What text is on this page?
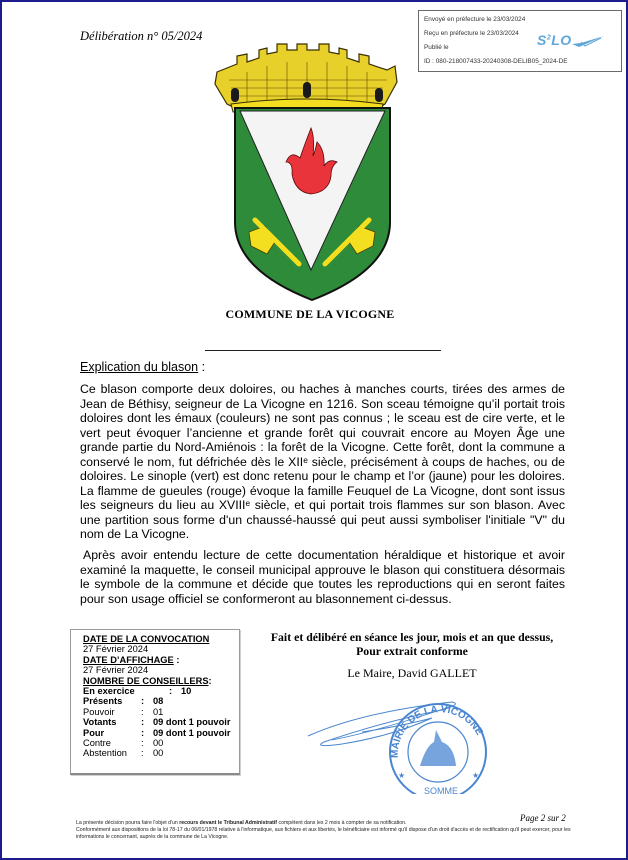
Délibération n° 05/2024
Envoyé en préfecture le 23/03/2024
Reçu en préfecture le 23/03/2024
Publié le
ID : 080-218007433-20240308-DELIB05_2024-DE
$S^2LO$
COMMUNE DE LA VICOGNE
Explication du blason :
Ce blason comporte deux doloires, ou haches à manches courts, tirées des armes de Jean de Béthisy, seigneur de La Vicogne en 1216. Son sceau témoigne qu’il portait trois doloires dont les émaux (couleurs) ne sont pas connus ; le sceau est de cire verte, et le vert peut évoquer l’ancienne et grande forêt qui couvrait encore au Moyen Âge une grande partie du Nord-Amiénois : la forêt de la Vicogne. Cette forêt, dont la commune a conservé le nom, fut défrichée dès le XIIᵉ siècle, précisément à coups de haches, ou de doloires. Le sinople (vert) est donc retenu pour le champ et l’or (jaune) pour les doloires. La flamme de gueules (rouge) évoque la famille Feuquel de La Vicogne, dont sont issus les seigneurs du lieu au XVIIIᵉ siècle, et qui portait trois flammes sur son blason. Avec une partition sous forme d'un chaussé-haussé qui peut aussi symboliser l'initiale "V" du nom de La Vicogne.
Après avoir entendu lecture de cette documentation héraldique et historique et avoir examiné la maquette, le conseil municipal approuve le blason qui constituera désormais le symbole de la commune et décide que toutes les reproductions qui en seront faites pour son usage officiel se conformeront au blasonnement ci-dessus.
DATE DE LA CONVOCATION
27 Février 2024
DATE D’AFFICHAGE :
27 Février 2024
NOMBRE DE CONSEILLERS:
En exercice	: 10
Présents	: 08
Pouvoir	:	01
Votants	: 09 dont 1 pouvoir
Pour	: 09 dont 1 pouvoir
Contre	:	00
Abstention	:	00
Fait et délibéré en séance les jour, mois et an que dessus,
Pour extrait conforme
Le Maire, David GALLET
MAIRIE DE LA VICOGNE
SOMME
★	★
Page 2 sur 2
La présente décision pourra faire l'objet d'un recours devant le Tribunal Administratif compétent dans les 2 mois à compter de sa notification.
Conformément aux dispositions de la loi 78-17 du 06/01/1978 relative à l'informatique, aux fichiers et aux libertés, le bénéficiaire est informé qu'il dispose d'un droit d'accès et de rectification qu'il peut exercer, pour les informations le concernant, auprès de la commune de La Vicogne.
